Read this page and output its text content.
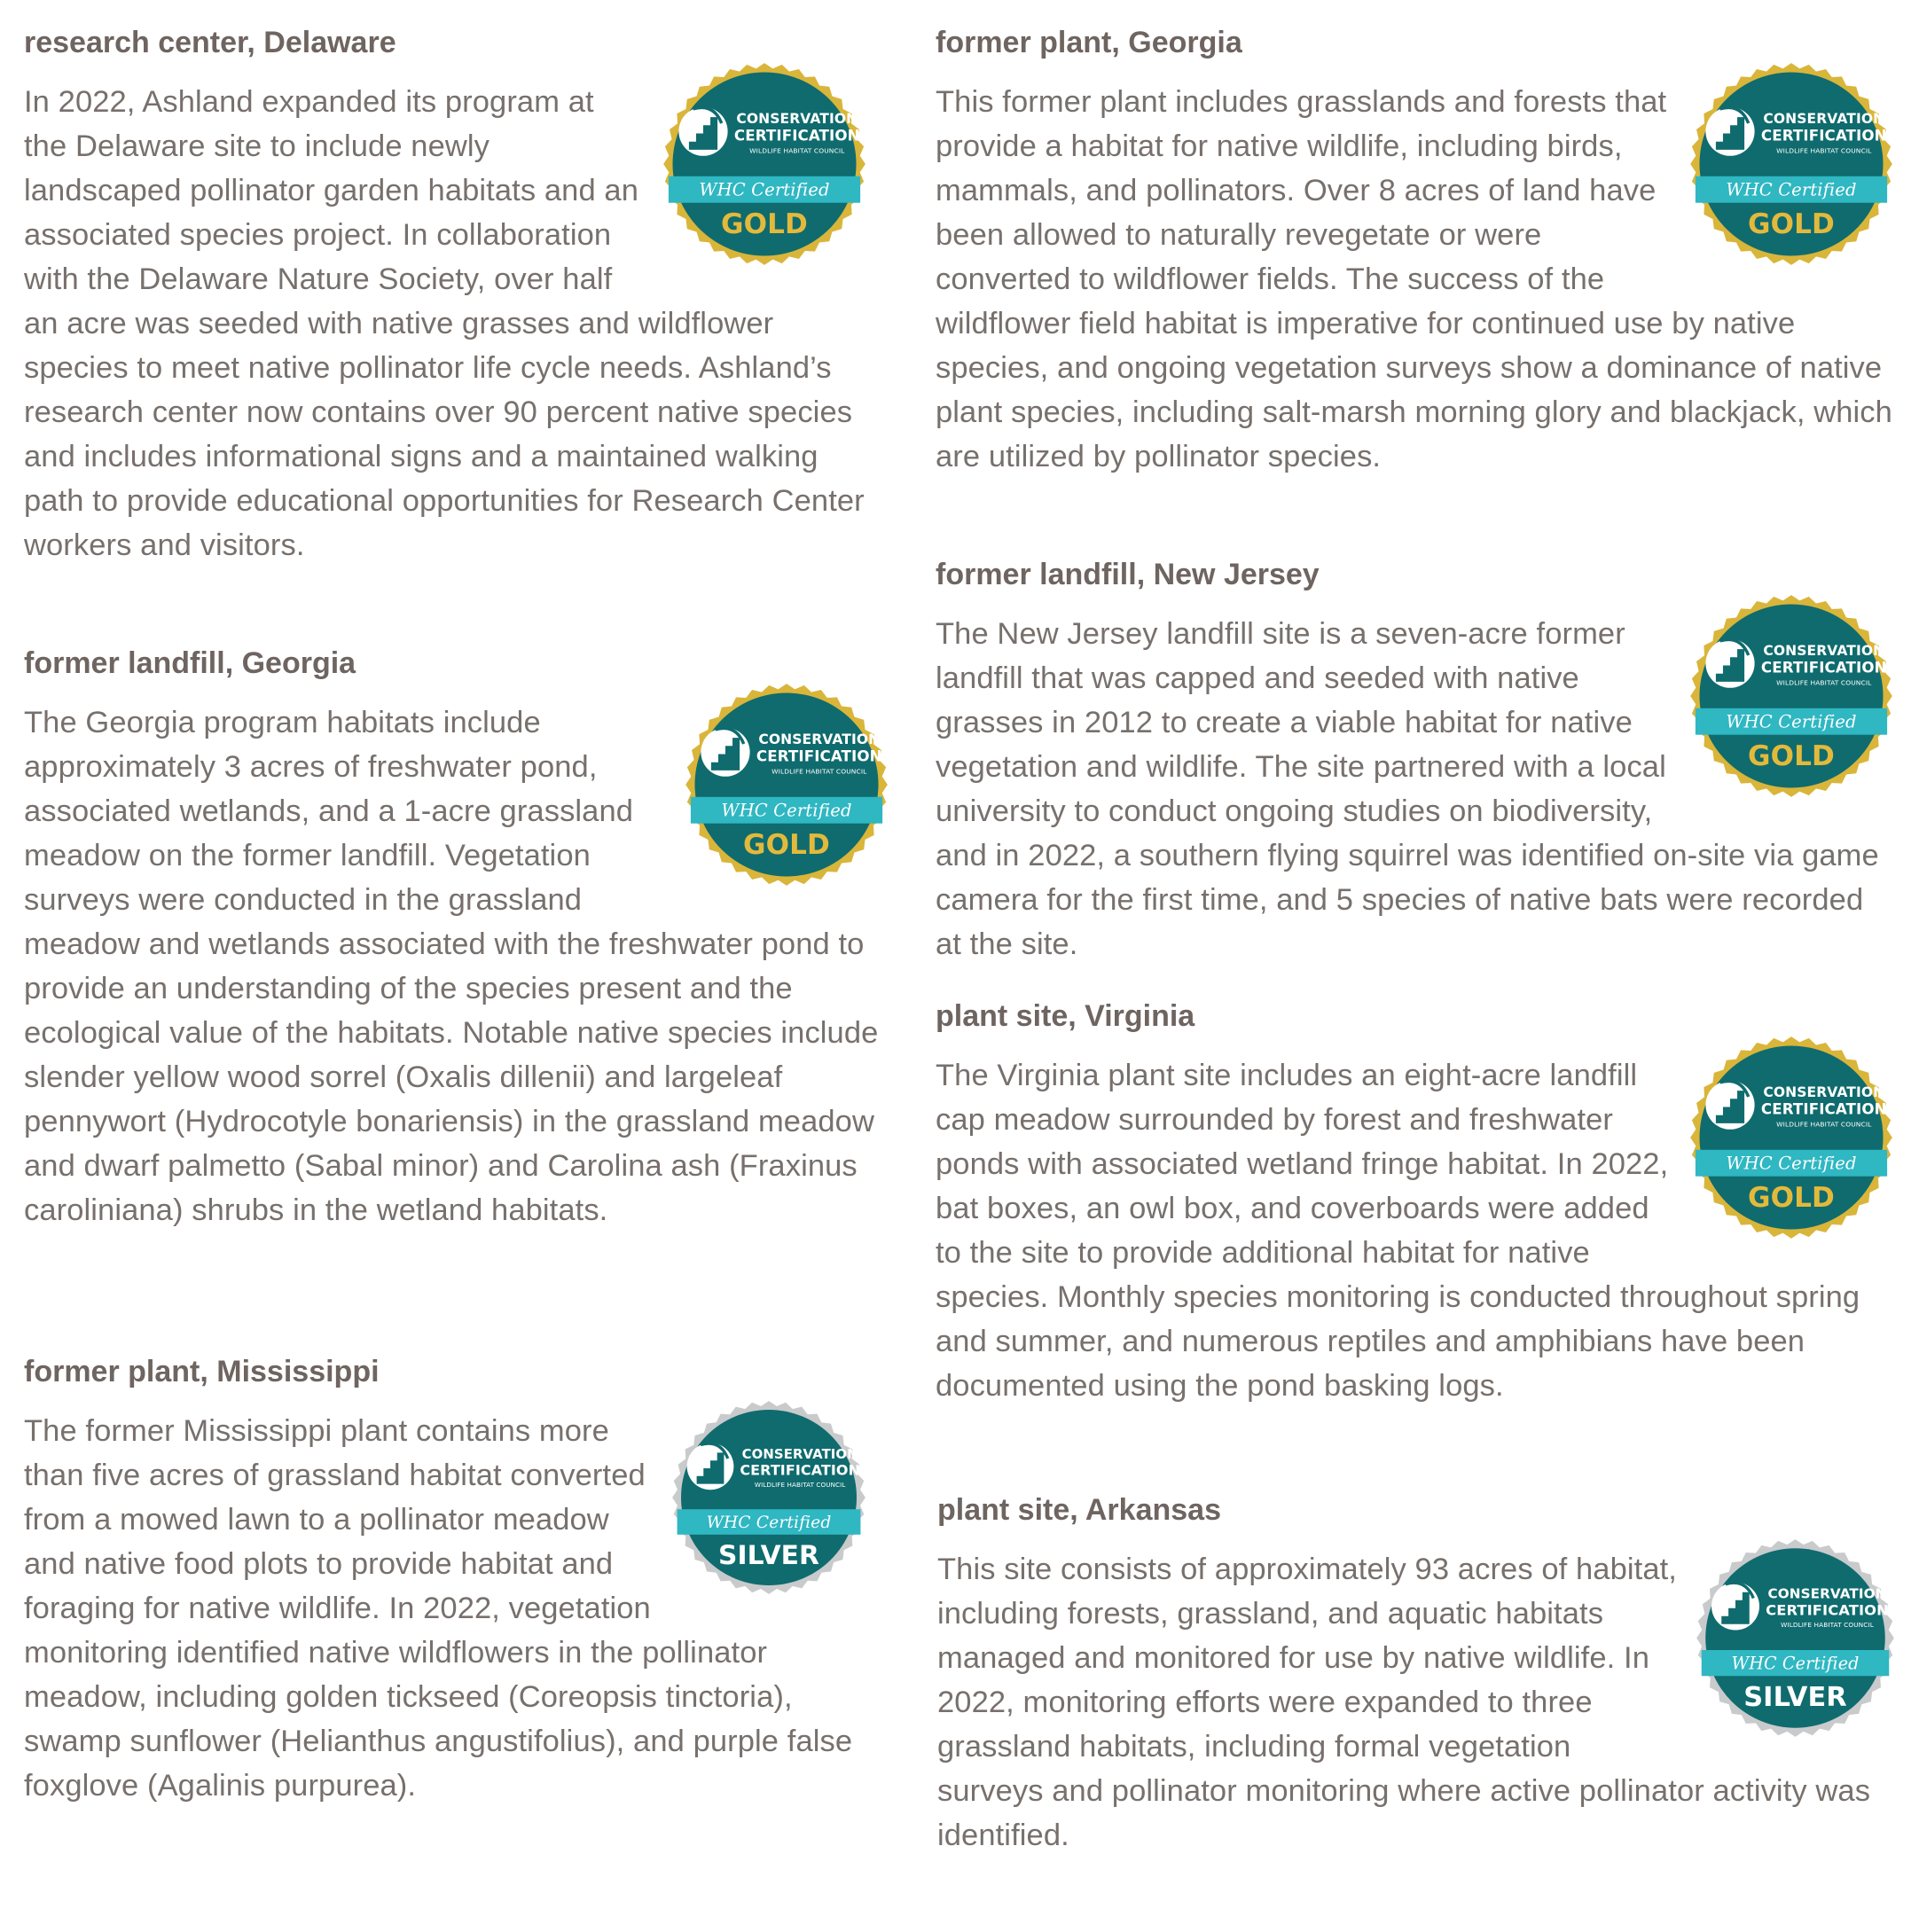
research center, Delaware
CONSERVATION
CERTIFICATION
WILDLIFE HABITAT COUNCIL
WHC Certified
GOLD
In 2022, Ashland expanded its program at the Delaware site to include newly landscaped pollinator garden habitats and an associated species project. In collaboration with the Delaware Nature Society, over half an acre was seeded with native grasses and wildflower species to meet native pollinator life cycle needs. Ashland’s research center now contains over 90 percent native species and includes informational signs and a maintained walking path to provide educational opportunities for Research Center workers and visitors.
former landfill, Georgia
CONSERVATION
CERTIFICATION
WILDLIFE HABITAT COUNCIL
WHC Certified
GOLD
The Georgia program habitats include approximately 3 acres of freshwater pond, associated wetlands, and a 1-acre grassland meadow on the former landfill. Vegetation surveys were conducted in the grassland meadow and wetlands associated with the freshwater pond to provide an understanding of the species present and the ecological value of the habitats. Notable native species include slender yellow wood sorrel (Oxalis dillenii) and largeleaf pennywort (Hydrocotyle bonariensis) in the grassland meadow and dwarf palmetto (Sabal minor) and Carolina ash (Fraxinus caroliniana) shrubs in the wetland habitats.
former plant, Mississippi
CONSERVATION
CERTIFICATION
WILDLIFE HABITAT COUNCIL
WHC Certified
SILVER
The former Mississippi plant contains more than five acres of grassland habitat converted from a mowed lawn to a pollinator meadow and native food plots to provide habitat and foraging for native wildlife. In 2022, vegetation monitoring identified native wildflowers in the pollinator meadow, including golden tickseed (Coreopsis tinctoria), swamp sunflower (Helianthus angustifolius), and purple false foxglove (Agalinis purpurea).
former plant, Georgia
CONSERVATION
CERTIFICATION
WILDLIFE HABITAT COUNCIL
WHC Certified
GOLD
This former plant includes grasslands and forests that provide a habitat for native wildlife, including birds, mammals, and pollinators. Over 8 acres of land have been allowed to naturally revegetate or were converted to wildflower fields. The success of the wildflower field habitat is imperative for continued use by native species, and ongoing vegetation surveys show a dominance of native plant species, including salt-marsh morning glory and blackjack, which are utilized by pollinator species.
former landfill, New Jersey
CONSERVATION
CERTIFICATION
WILDLIFE HABITAT COUNCIL
WHC Certified
GOLD
The New Jersey landfill site is a seven-acre former landfill that was capped and seeded with native grasses in 2012 to create a viable habitat for native vegetation and wildlife. The site partnered with a local university to conduct ongoing studies on biodiversity, and in 2022, a southern flying squirrel was identified on-site via game camera for the first time, and 5 species of native bats were recorded at the site.
plant site, Virginia
CONSERVATION
CERTIFICATION
WILDLIFE HABITAT COUNCIL
WHC Certified
GOLD
The Virginia plant site includes an eight-acre landfill cap meadow surrounded by forest and freshwater ponds with associated wetland fringe habitat. In 2022, bat boxes, an owl box, and coverboards were added to the site to provide additional habitat for native species. Monthly species monitoring is conducted throughout spring and summer, and numerous reptiles and amphibians have been documented using the pond basking logs.
plant site, Arkansas
CONSERVATION
CERTIFICATION
WILDLIFE HABITAT COUNCIL
WHC Certified
SILVER
This site consists of approximately 93 acres of habitat, including forests, grassland, and aquatic habitats managed and monitored for use by native wildlife. In 2022, monitoring efforts were expanded to three grassland habitats, including formal vegetation surveys and pollinator monitoring where active pollinator activity was identified.
